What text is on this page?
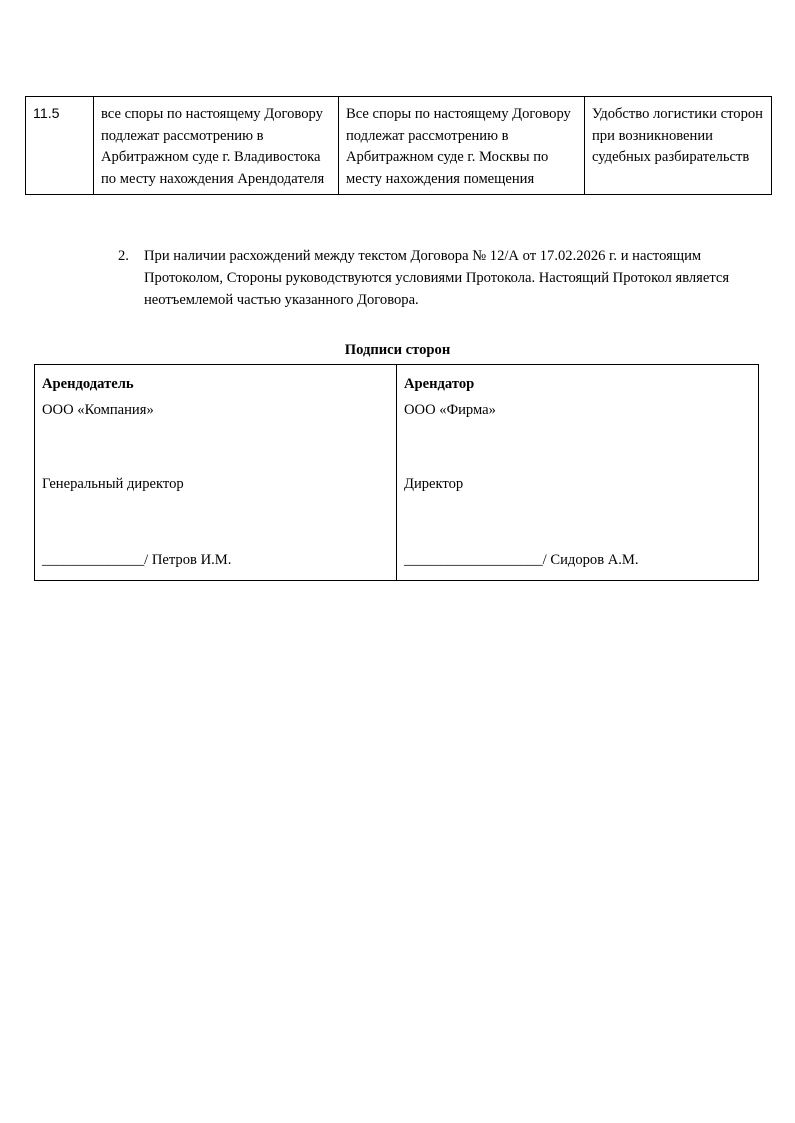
11.5	все споры по настоящему Договору подлежат рассмотрению в Арбитражном суде г. Владивостока по месту нахождения Арендодателя	Все споры по настоящему Договору подлежат рассмотрению в Арбитражном суде г. Москвы по месту нахождения помещения	Удобство логистики сторон при возникновении судебных разбирательств
2. При наличии расхождений между текстом Договора № 12/А от 17.02.2026 г. и настоящим Протоколом, Стороны руководствуются условиями Протокола. Настоящий Протокол является неотъемлемой частью указанного Договора.
Подписи сторон
Арендодатель
ООО «Компания»
Генеральный директор
______________/ Петров И.М.

Арендатор
ООО «Фирма»
Директор
___________________/ Сидоров А.М.
